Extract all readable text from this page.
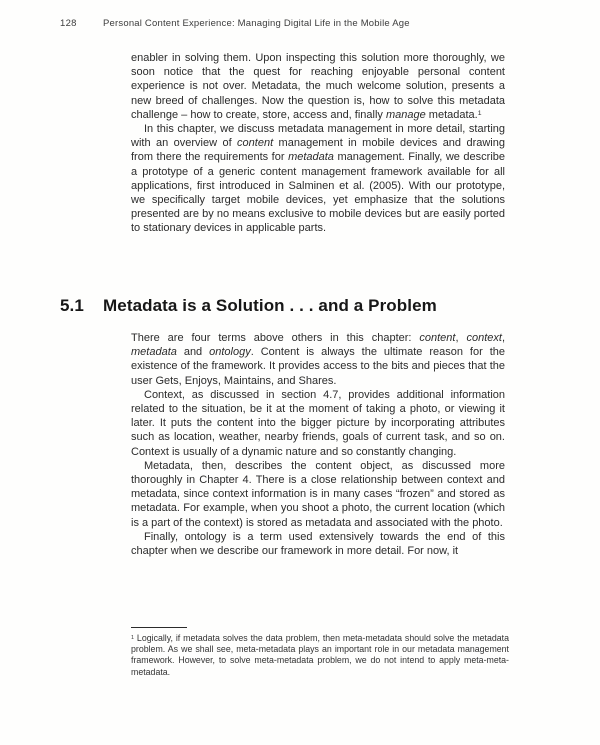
128	Personal Content Experience: Managing Digital Life in the Mobile Age

enabler in solving them. Upon inspecting this solution more thoroughly, we soon notice that the quest for reaching enjoyable personal content experience is not over. Metadata, the much welcome solution, presents a new breed of challenges. Now the question is, how to solve this metadata challenge – how to create, store, access and, finally manage metadata.$^1$

In this chapter, we discuss metadata management in more detail, starting with an overview of content management in mobile devices and drawing from there the requirements for metadata management. Finally, we describe a prototype of a generic content management framework available for all applications, first introduced in Salminen et al. (2005). With our prototype, we specifically target mobile devices, yet emphasize that the solutions presented are by no means exclusive to mobile devices but are easily ported to stationary devices in applicable parts.

5.1	Metadata is a Solution . . . and a Problem

There are four terms above others in this chapter: content, context, metadata and ontology. Content is always the ultimate reason for the existence of the framework. It provides access to the bits and pieces that the user Gets, Enjoys, Maintains, and Shares.

Context, as discussed in section 4.7, provides additional information related to the situation, be it at the moment of taking a photo, or viewing it later. It puts the content into the bigger picture by incorporating attributes such as location, weather, nearby friends, goals of current task, and so on. Context is usually of a dynamic nature and so constantly changing.

Metadata, then, describes the content object, as discussed more thoroughly in Chapter 4. There is a close relationship between context and metadata, since context information is in many cases “frozen” and stored as metadata. For example, when you shoot a photo, the current location (which is a part of the context) is stored as metadata and associated with the photo.

Finally, ontology is a term used extensively towards the end of this chapter when we describe our framework in more detail. For now, it

$^1$ Logically, if metadata solves the data problem, then meta-metadata should solve the metadata problem. As we shall see, meta-metadata plays an important role in our metadata management framework. However, to solve meta-metadata problem, we do not intend to apply meta-meta-metadata.
